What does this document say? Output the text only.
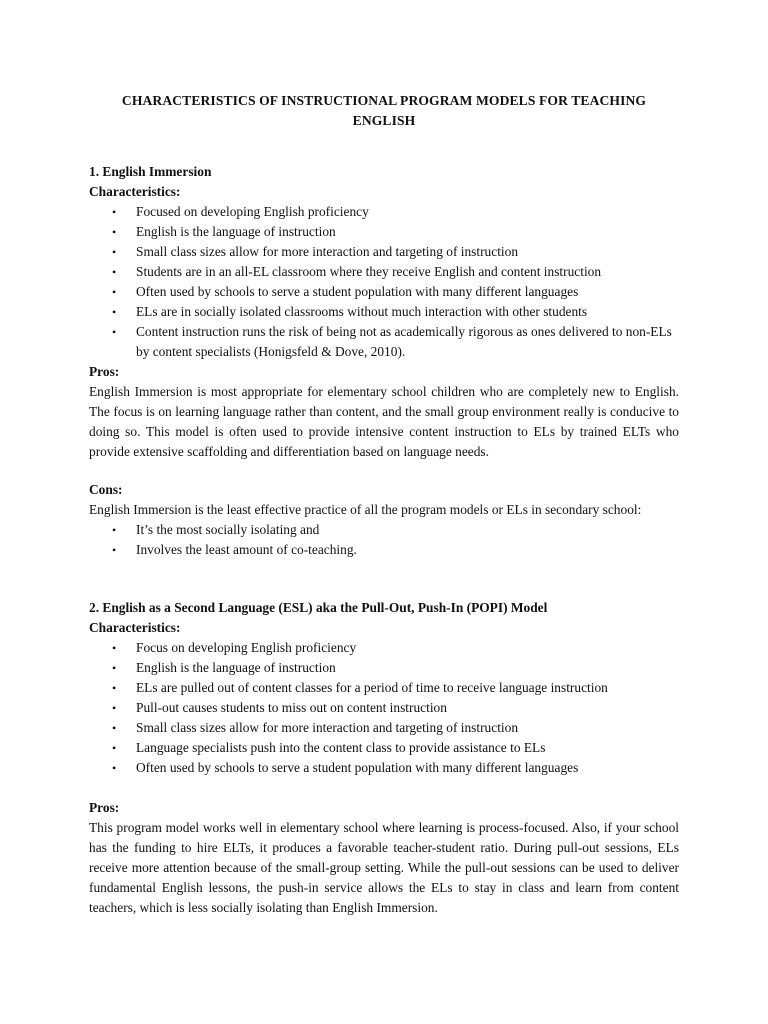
CHARACTERISTICS OF INSTRUCTIONAL PROGRAM MODELS FOR TEACHING ENGLISH
1. English Immersion
Characteristics:
• Focused on developing English proficiency
• English is the language of instruction
• Small class sizes allow for more interaction and targeting of instruction
• Students are in an all-EL classroom where they receive English and content instruction
• Often used by schools to serve a student population with many different languages
• ELs are in socially isolated classrooms without much interaction with other students
• Content instruction runs the risk of being not as academically rigorous as ones delivered to non-ELs by content specialists (Honigsfeld & Dove, 2010).
Pros:

English Immersion is most appropriate for elementary school children who are completely new to English. The focus is on learning language rather than content, and the small group environment really is conducive to doing so. This model is often used to provide intensive content instruction to ELs by trained ELTs who provide extensive scaffolding and differentiation based on language needs.

Cons:

English Immersion is the least effective practice of all the program models or ELs in secondary school:

• It’s the most socially isolating and
• Involves the least amount of co-teaching.
2. English as a Second Language (ESL) aka the Pull-Out, Push-In (POPI) Model
Characteristics:
• Focus on developing English proficiency
• English is the language of instruction
• ELs are pulled out of content classes for a period of time to receive language instruction
• Pull-out causes students to miss out on content instruction
• Small class sizes allow for more interaction and targeting of instruction
• Language specialists push into the content class to provide assistance to ELs
• Often used by schools to serve a student population with many different languages
Pros:

This program model works well in elementary school where learning is process-focused. Also, if your school has the funding to hire ELTs, it produces a favorable teacher-student ratio. During pull-out sessions, ELs receive more attention because of the small-group setting. While the pull-out sessions can be used to deliver fundamental English lessons, the push-in service allows the ELs to stay in class and learn from content teachers, which is less socially isolating than English Immersion.
